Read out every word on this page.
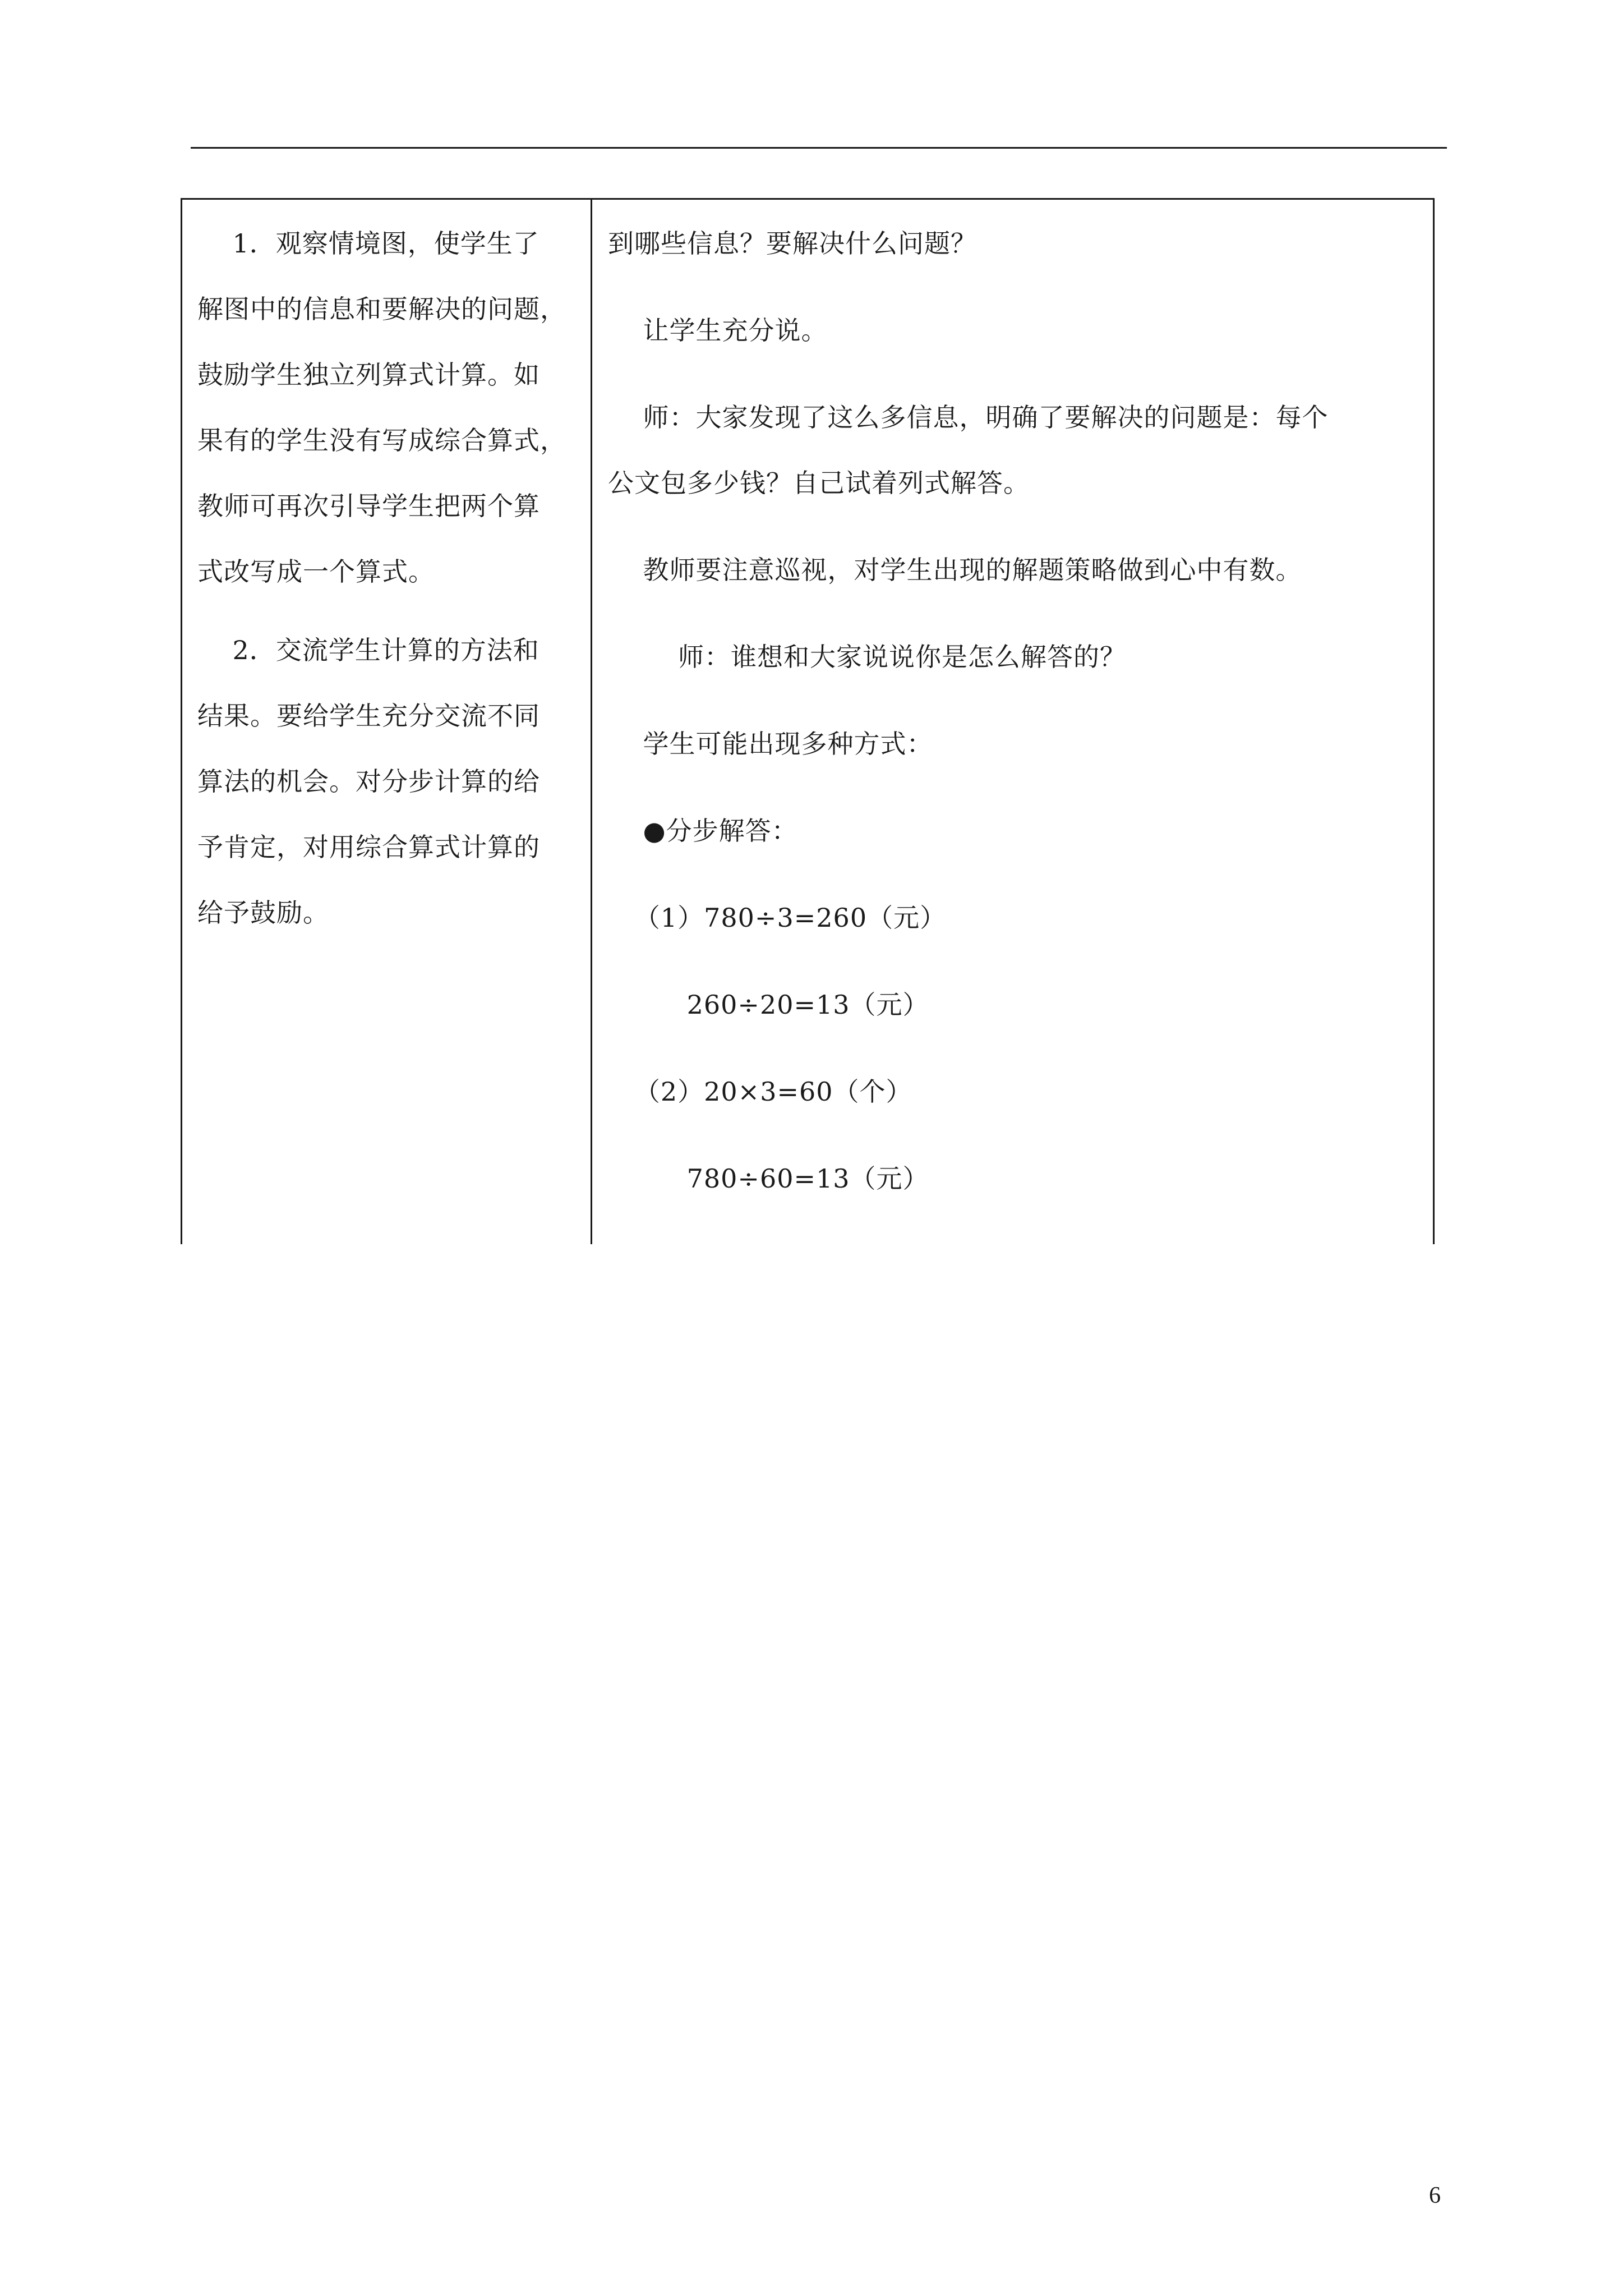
1．观察情境图，使学生了
解图中的信息和要解决的问题，
鼓励学生独立列算式计算。如
果有的学生没有写成综合算式，
教师可再次引导学生把两个算
式改写成一个算式。
2．交流学生计算的方法和
结果。要给学生充分交流不同
算法的机会。对分步计算的给
予肯定，对用综合算式计算的
给予鼓励。
到哪些信息？要解决什么问题？
让学生充分说。
师：大家发现了这么多信息，明确了要解决的问题是：每个
公文包多少钱？自己试着列式解答。
教师要注意巡视，对学生出现的解题策略做到心中有数。
师：谁想和大家说说你是怎么解答的？
学生可能出现多种方式：
●分步解答：
（1）780÷3=260（元）
260÷20=13（元）
（2）20×3=60（个）
780÷60=13（元）
6
